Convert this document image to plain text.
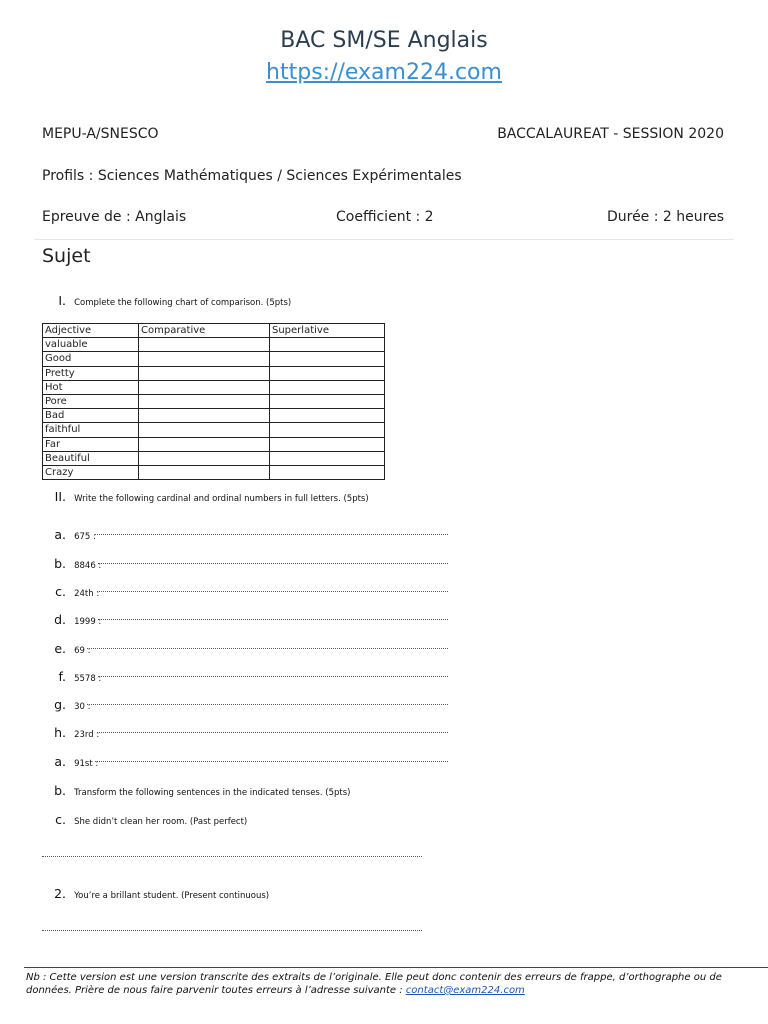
BAC SM/SE Anglais
https://exam224.com
MEPU-A/SNESCO	BACCALAUREAT - SESSION 2020
Profils : Sciences Mathématiques / Sciences Expérimentales
Epreuve de : Anglais	Coefficient : 2	Durée : 2 heures
Sujet
I. Complete the following chart of comparison. (5pts)
Adjective	Comparative	Superlative
valuable		
Good		
Pretty		
Hot		
Pore		
Bad		
faithful		
Far		
Beautiful		
Crazy		
II. Write the following cardinal and ordinal numbers in full letters. (5pts)
a. 675 :
b. 8846 :
c. 24th :
d. 1999 :
e. 69 :
f. 5578 :
g. 30 :
h. 23rd :
a. 91st :
b. Transform the following sentences in the indicated tenses. (5pts)
c. She didn’t clean her room. (Past perfect)
2. You’re a brillant student. (Present continuous)
Nb : Cette version est une version transcrite des extraits de l’originale. Elle peut donc contenir des erreurs de frappe, d’orthographe ou de données. Prière de nous faire parvenir toutes erreurs à l’adresse suivante : contact@exam224.com
